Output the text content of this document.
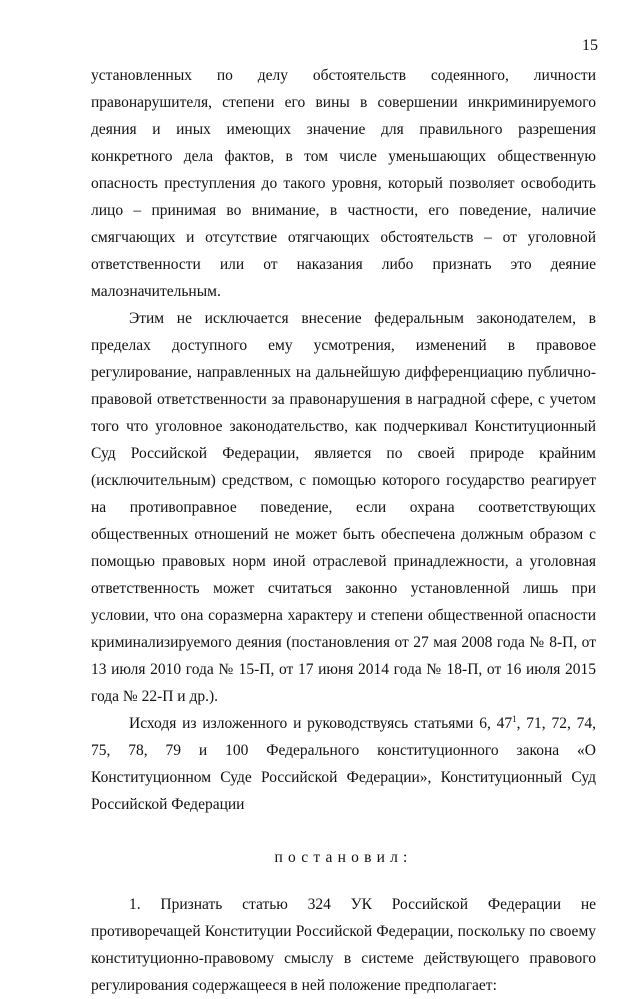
15

установленных по делу обстоятельств содеянного, личности правонарушителя, степени его вины в совершении инкриминируемого деяния и иных имеющих значение для правильного разрешения конкретного дела фактов, в том числе уменьшающих общественную опасность преступления до такого уровня, который позволяет освободить лицо – принимая во внимание, в частности, его поведение, наличие смягчающих и отсутствие отягчающих обстоятельств – от уголовной ответственности или от наказания либо признать это деяние малозначительным.

Этим не исключается внесение федеральным законодателем, в пределах доступного ему усмотрения, изменений в правовое регулирование, направленных на дальнейшую дифференциацию публично-правовой ответственности за правонарушения в наградной сфере, с учетом того что уголовное законодательство, как подчеркивал Конституционный Суд Российской Федерации, является по своей природе крайним (исключительным) средством, с помощью которого государство реагирует на противоправное поведение, если охрана соответствующих общественных отношений не может быть обеспечена должным образом с помощью правовых норм иной отраслевой принадлежности, а уголовная ответственность может считаться законно установленной лишь при условии, что она соразмерна характеру и степени общественной опасности криминализируемого деяния (постановления от 27 мая 2008 года № 8-П, от 13 июля 2010 года № 15-П, от 17 июня 2014 года № 18-П, от 16 июля 2015 года № 22-П и др.).

Исходя из изложенного и руководствуясь статьями 6, $47^1$, 71, 72, 74, 75, 78, 79 и 100 Федерального конституционного закона «О Конституционном Суде Российской Федерации», Конституционный Суд Российской Федерации

постановил:

1. Признать статью 324 УК Российской Федерации не противоречащей Конституции Российской Федерации, поскольку по своему конституционно-правовому смыслу в системе действующего правового регулирования содержащееся в ней положение предполагает:
